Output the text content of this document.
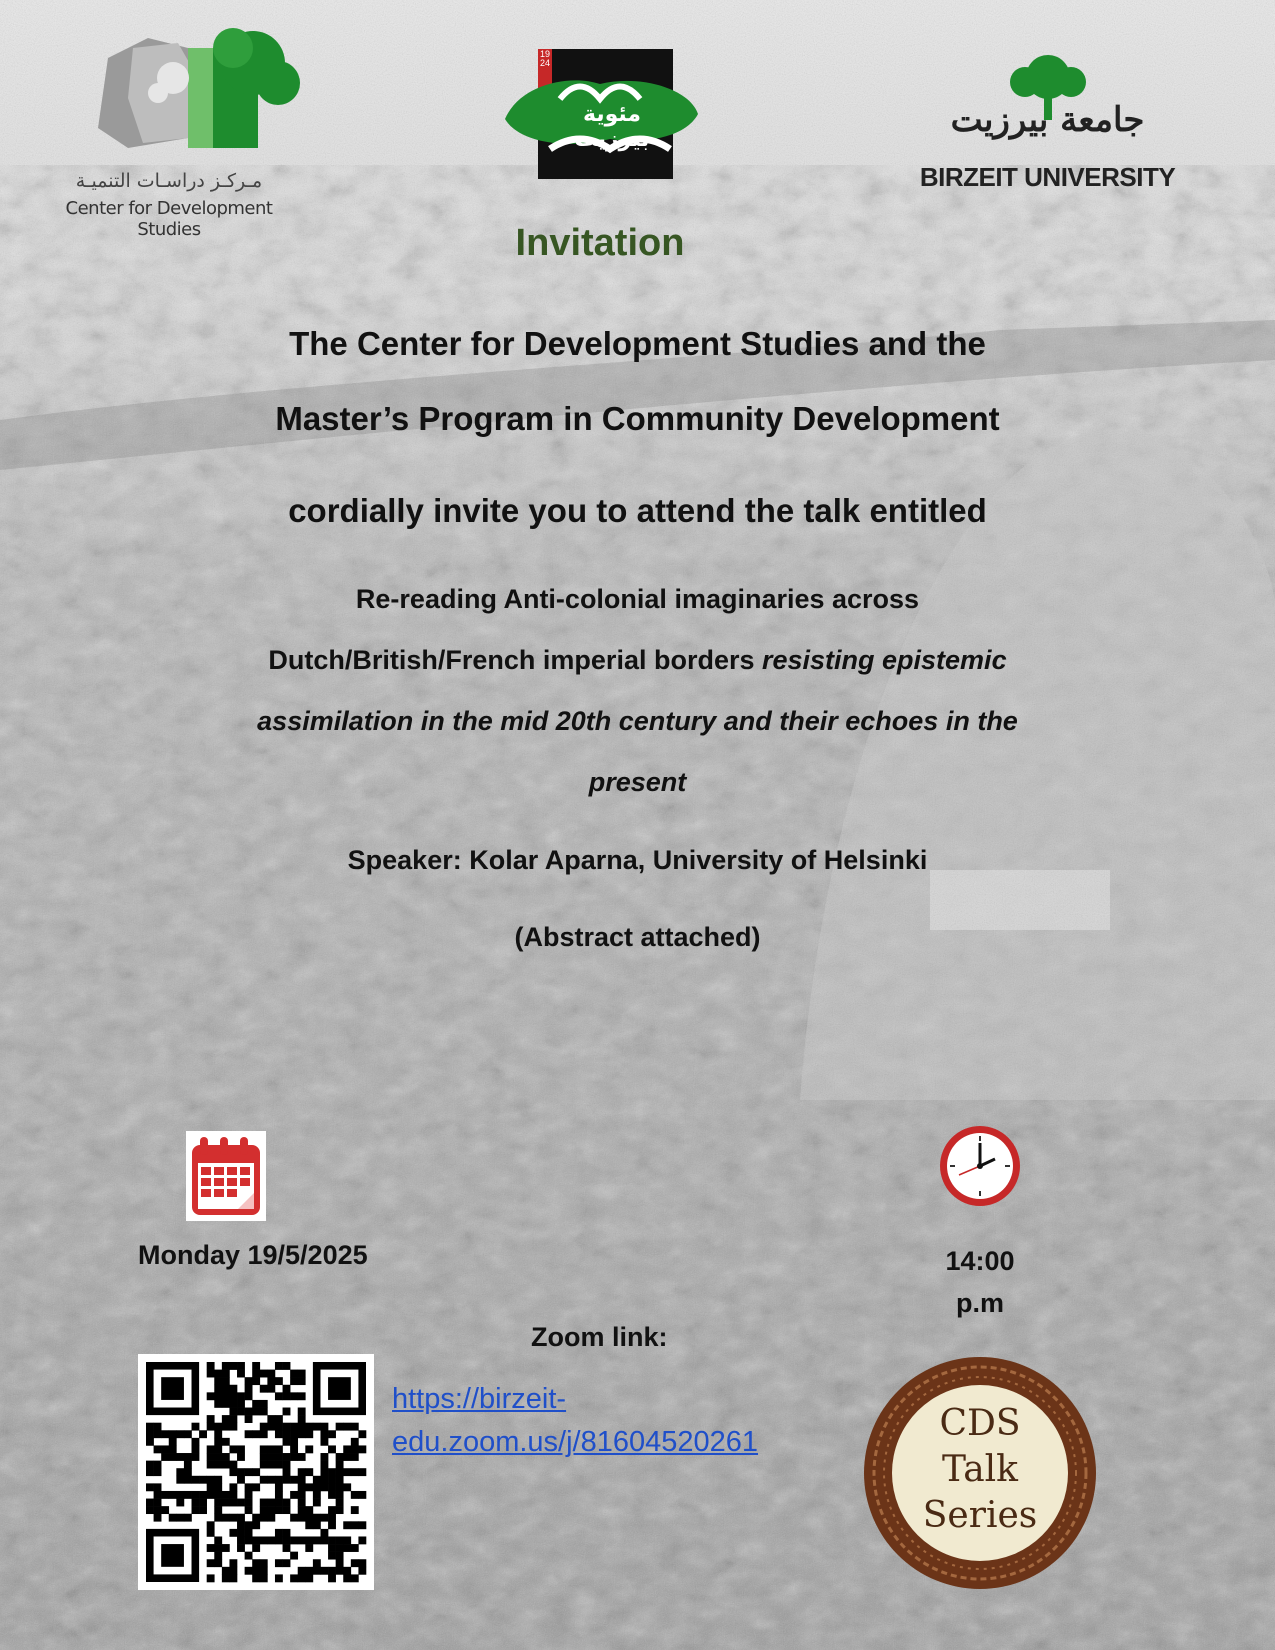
مـركـز دراسـات التنميـة
Center for Development Studies
1924
مئوية بيرزيت	جامعة بيرزيت
BIRZEIT UNIVERSITY
Invitation
The Center for Development Studies and the
Master’s Program in Community Development
cordially invite you to attend the talk entitled
Re-reading Anti-colonial imaginaries across
Dutch/British/French imperial borders resisting epistemic
assimilation in the mid 20th century and their echoes in the
present
Speaker: Kolar Aparna, University of Helsinki
(Abstract attached)
Monday 19/5/2025	14:00
p.m
Zoom link:
https://birzeit-
edu.zoom.us/j/81604520261	CDS
Talk
Series
